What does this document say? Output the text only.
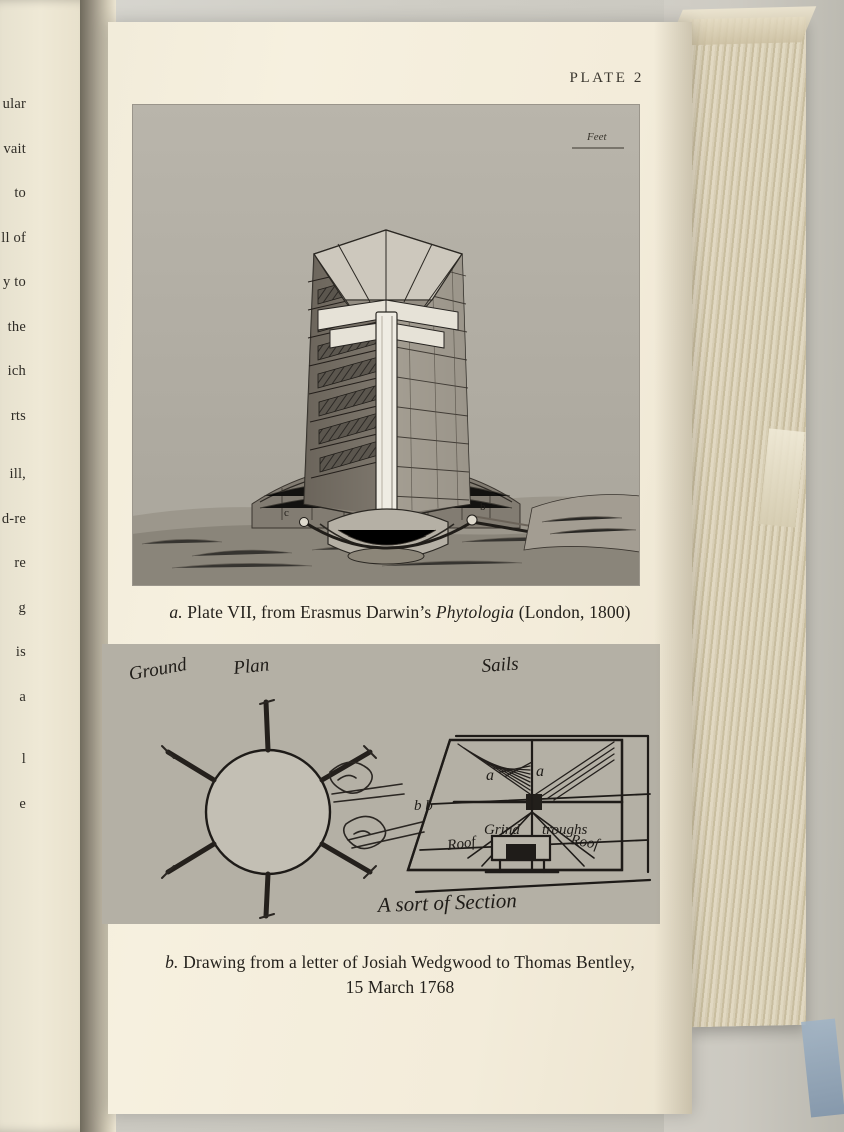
ular

vait

to

ll of

y to

the

ich

rts

ill,

d-re

re

g

is

a

l

e

PLATE 2
Feet
c	b
a. Plate VII, from Erasmus Darwin’s Phytologia (London, 1800)
Ground Plan	Sails
a	a
b b
Roof
Grind troughs
Roof
A sort of Section
b. Drawing from a letter of Josiah Wedgwood to Thomas Bentley,
15 March 1768
